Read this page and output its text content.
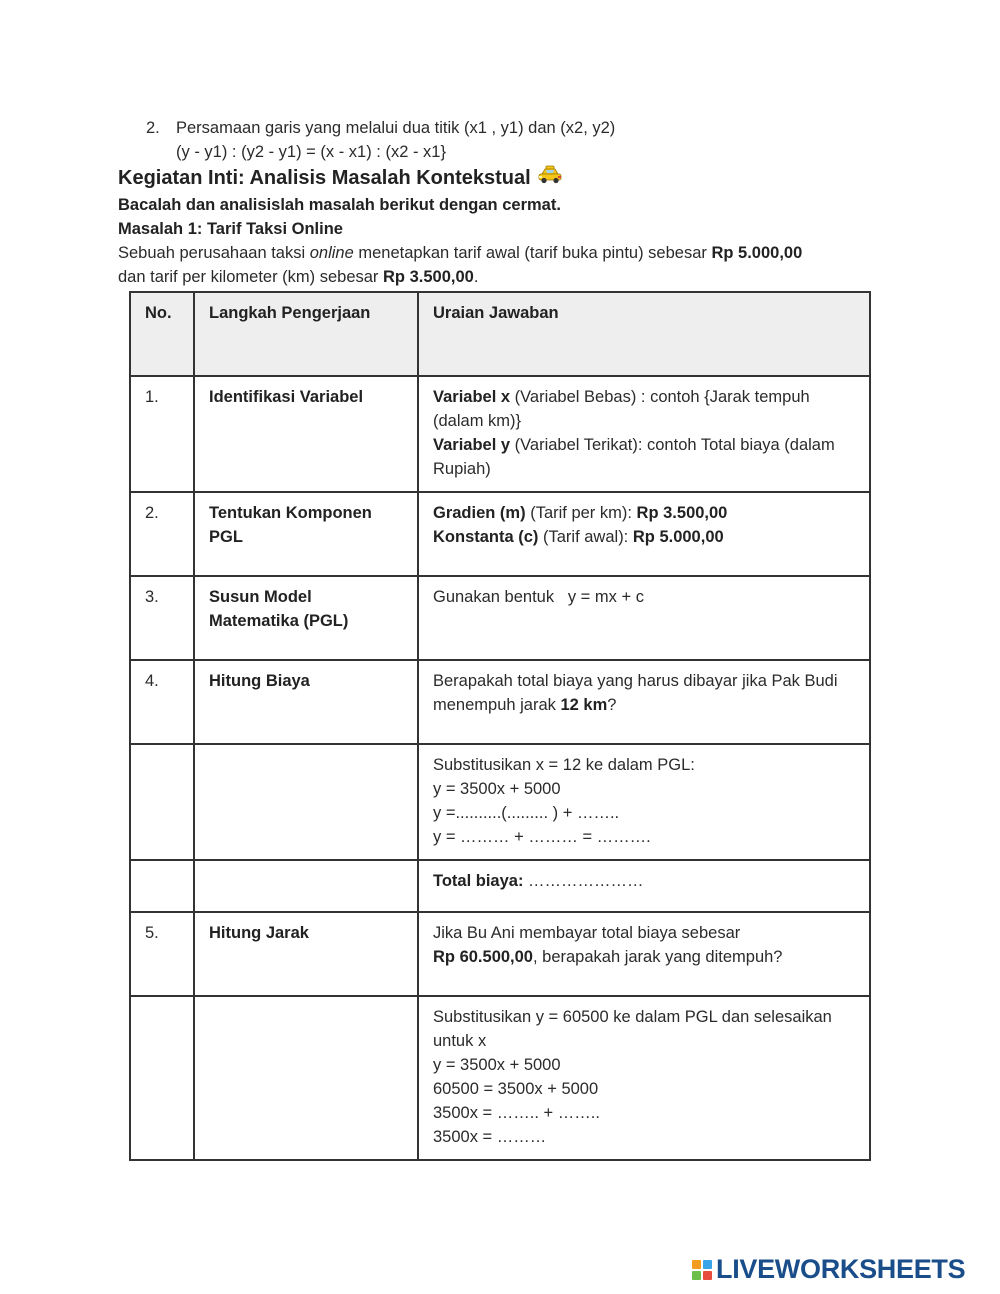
2. Persamaan garis yang melalui dua titik (x1 , y1) dan (x2, y2)
(y - y1) : (y2 - y1) = (x - x1) : (x2 - x1}
Kegiatan Inti: Analisis Masalah Kontekstual
Bacalah dan analisislah masalah berikut dengan cermat.
Masalah 1: Tarif Taksi Online
Sebuah perusahaan taksi online menetapkan tarif awal (tarif buka pintu) sebesar Rp 5.000,00
dan tarif per kilometer (km) sebesar Rp 3.500,00.
No.	Langkah Pengerjaan	Uraian Jawaban
1.	Identifikasi Variabel	Variabel x (Variabel Bebas) : contoh {Jarak tempuh (dalam km)}
Variabel y (Variabel Terikat): contoh Total biaya (dalam Rupiah)
2.	Tentukan Komponen PGL	Gradien (m) (Tarif per km): Rp 3.500,00
Konstanta (c) (Tarif awal): Rp 5.000,00
3.	Susun Model Matematika (PGL)	Gunakan bentuk   y = mx + c
4.	Hitung Biaya	Berapakah total biaya yang harus dibayar jika Pak Budi menempuh jarak 12 km?

		Substitusikan x = 12 ke dalam PGL:
y = 3500x + 5000
y =..........(......... ) + ……..
y = ……… + ……… = ……….

		Total biaya: …………………
5.	Hitung Jarak	Jika Bu Ani membayar total biaya sebesar
Rp 60.500,00, berapakah jarak yang ditempuh?

		Substitusikan y = 60500 ke dalam PGL dan selesaikan untuk x
y = 3500x + 5000
60500 = 3500x + 5000
3500x = …….. + ……..
3500x = ………
LIVEWORKSHEETS
